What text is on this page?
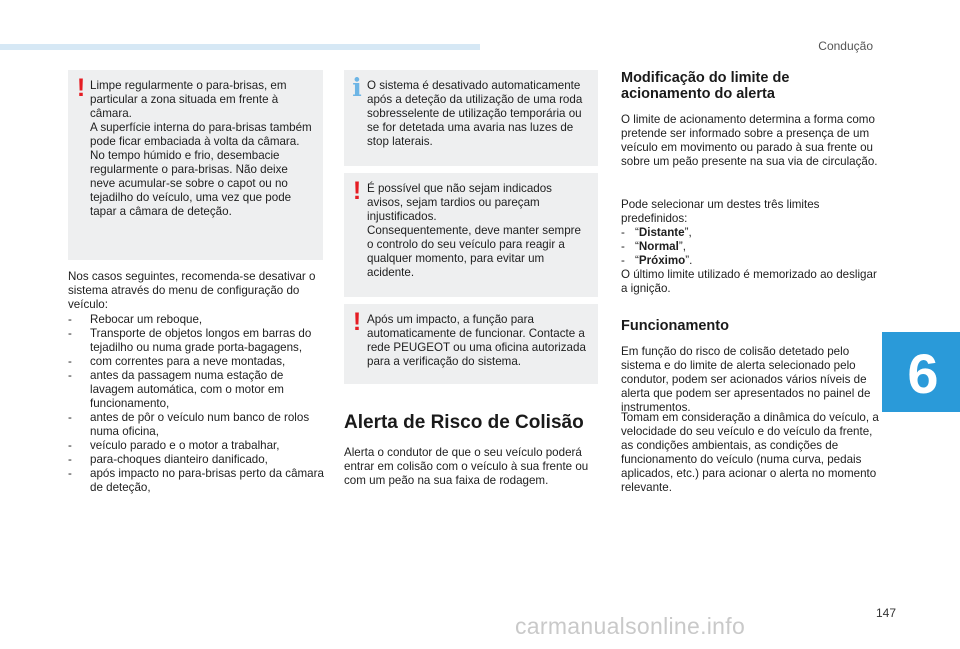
Condução
6
147
carmanualsonline.info
! Limpe regularmente o para-brisas, em particular a zona situada em frente à câmara.
A superfície interna do para-brisas também pode ficar embaciada à volta da câmara. No tempo húmido e frio, desembacie regularmente o para-brisas. Não deixe neve acumular-se sobre o capot ou no tejadilho do veículo, uma vez que pode tapar a câmara de deteção.

Nos casos seguintes, recomenda-se desativar o sistema através do menu de configuração do veículo:

- Rebocar um reboque,
- Transporte de objetos longos em barras do tejadilho ou numa grade porta-bagagens,
- com correntes para a neve montadas,
- antes da passagem numa estação de lavagem automática, com o motor em funcionamento,
- antes de pôr o veículo num banco de rolos numa oficina,
- veículo parado e o motor a trabalhar,
- para-choques dianteiro danificado,
- após impacto no para-brisas perto da câmara de deteção,
i O sistema é desativado automaticamente após a deteção da utilização de uma roda sobresselente de utilização temporária ou se for detetada uma avaria nas luzes de stop laterais.

! É possível que não sejam indicados avisos, sejam tardios ou pareçam injustificados.
Consequentemente, deve manter sempre o controlo do seu veículo para reagir a qualquer momento, para evitar um acidente.

! Após um impacto, a função para automaticamente de funcionar. Contacte a rede PEUGEOT ou uma oficina autorizada para a verificação do sistema.

Alerta de Risco de Colisão

Alerta o condutor de que o seu veículo poderá entrar em colisão com o veículo à sua frente ou com um peão na sua faixa de rodagem.

Modificação do limite de acionamento do alerta

O limite de acionamento determina a forma como pretende ser informado sobre a presença de um veículo em movimento ou parado à sua frente ou sobre um peão presente na sua via de circulação.

Pode selecionar um destes três limites predefinidos:

- “Distante”,
- “Normal”,
- “Próximo”.

O último limite utilizado é memorizado ao desligar a ignição.

Funcionamento

Em função do risco de colisão detetado pelo sistema e do limite de alerta selecionado pelo condutor, podem ser acionados vários níveis de alerta que podem ser apresentados no painel de instrumentos.

Tomam em consideração a dinâmica do veículo, a velocidade do seu veículo e do veículo da frente, as condições ambientais, as condições de funcionamento do veículo (numa curva, pedais aplicados, etc.) para acionar o alerta no momento relevante.
